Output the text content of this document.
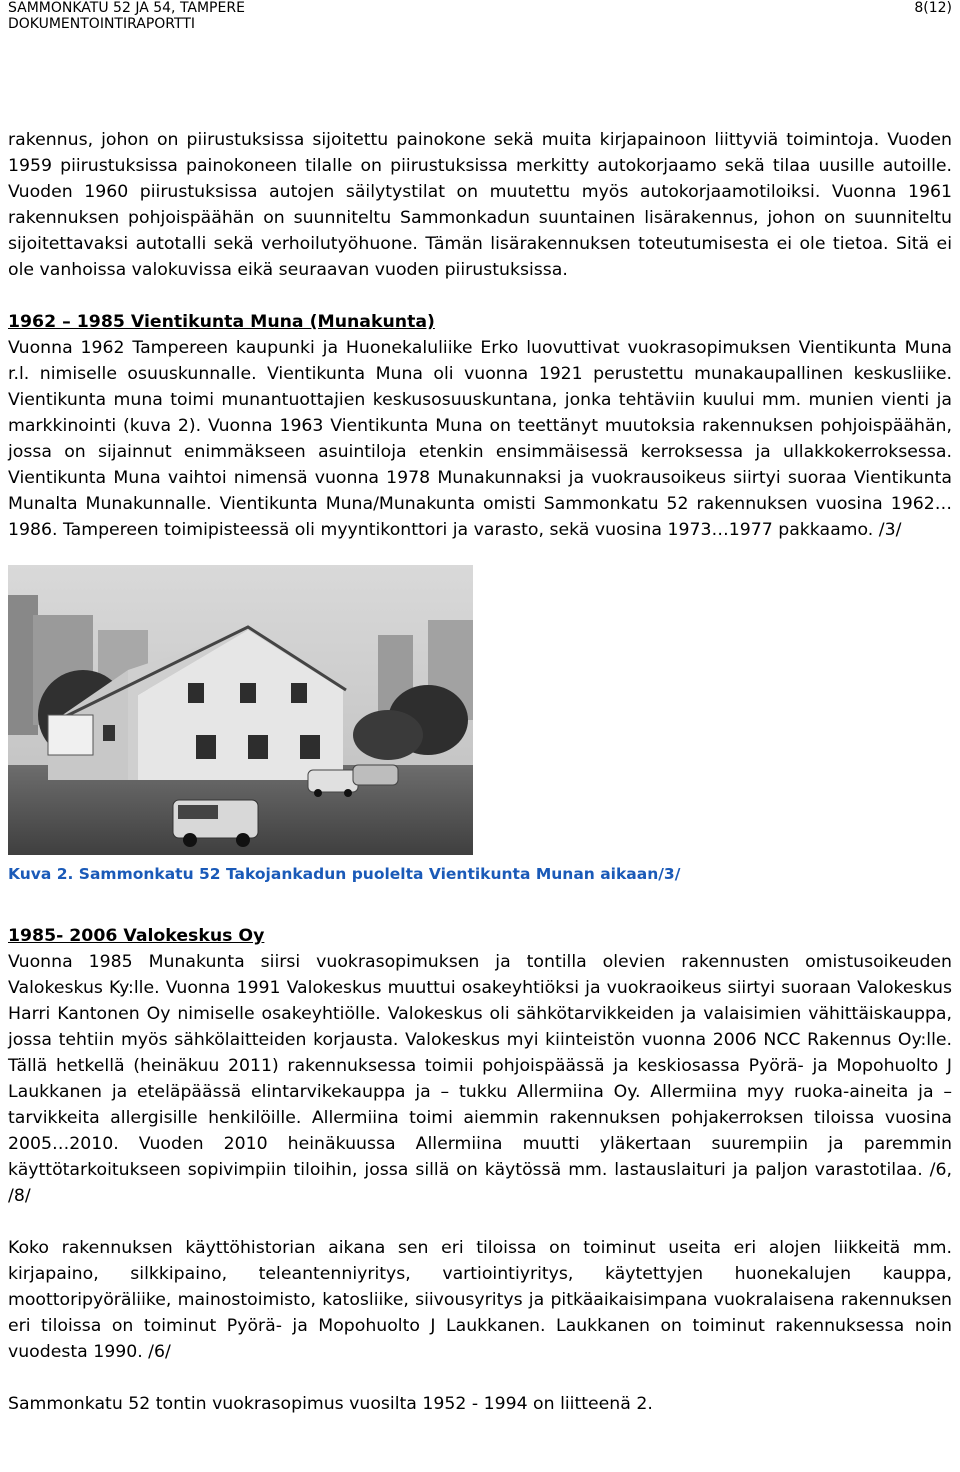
SAMMONKATU 52 JA 54, TAMPERE
DOKUMENTOINTIRAPORTTI
8(12)

rakennus, johon on piirustuksissa sijoitettu painokone sekä muita kirjapainoon liittyviä toimintoja. Vuoden 1959 piirustuksissa painokoneen tilalle on piirustuksissa merkitty autokorjaamo sekä tilaa uusille autoille. Vuoden 1960 piirustuksissa autojen säilytystilat on muutettu myös autokorjaamotiloiksi. Vuonna 1961 rakennuksen pohjoispäähän on suunniteltu Sammonkadun suuntainen lisärakennus, johon on suunniteltu sijoitettavaksi autotalli sekä verhoilutyöhuone. Tämän lisärakennuksen toteutumisesta ei ole tietoa. Sitä ei ole vanhoissa valokuvissa eikä seuraavan vuoden piirustuksissa.

1962 – 1985 Vientikunta Muna (Munakunta)

Vuonna 1962 Tampereen kaupunki ja Huonekaluliike Erko luovuttivat vuokrasopimuksen Vientikunta Muna r.l. nimiselle osuuskunnalle. Vientikunta Muna oli vuonna 1921 perustettu munakaupallinen keskusliike. Vientikunta muna toimi munantuottajien keskusosuuskuntana, jonka tehtäviin kuului mm. munien vienti ja markkinointi (kuva 2). Vuonna 1963 Vientikunta Muna on teettänyt muutoksia rakennuksen pohjoispäähän, jossa on sijainnut enimmäkseen asuintiloja etenkin ensimmäisessä kerroksessa ja ullakkokerroksessa. Vientikunta Muna vaihtoi nimensä vuonna 1978 Munakunnaksi ja vuokrausoikeus siirtyi suoraa Vientikunta Munalta Munakunnalle. Vientikunta Muna/Munakunta omisti Sammonkatu 52 rakennuksen vuosina 1962…1986. Tampereen toimipisteessä oli myyntikonttori ja varasto, sekä vuosina 1973…1977 pakkaamo. /3/

Kuva 2. Sammonkatu 52 Takojankadun puolelta Vientikunta Munan aikaan/3/
1985- 2006 Valokeskus Oy

Vuonna 1985 Munakunta siirsi vuokrasopimuksen ja tontilla olevien rakennusten omistusoikeuden Valokeskus Ky:lle. Vuonna 1991 Valokeskus muuttui osakeyhtiöksi ja vuokraoikeus siirtyi suoraan Valokeskus Harri Kantonen Oy nimiselle osakeyhtiölle. Valokeskus oli sähkötarvikkeiden ja valaisimien vähittäiskauppa, jossa tehtiin myös sähkölaitteiden korjausta. Valokeskus myi kiinteistön vuonna 2006 NCC Rakennus Oy:lle. Tällä hetkellä (heinäkuu 2011) rakennuksessa toimii pohjoispäässä ja keskiosassa Pyörä- ja Mopohuolto J Laukkanen ja eteläpäässä elintarvikekauppa ja – tukku Allermiina Oy. Allermiina myy ruoka-aineita ja – tarvikkeita allergisille henkilöille. Allermiina toimi aiemmin rakennuksen pohjakerroksen tiloissa vuosina 2005…2010. Vuoden 2010 heinäkuussa Allermiina muutti yläkertaan suurempiin ja paremmin käyttötarkoitukseen sopivimpiin tiloihin, jossa sillä on käytössä mm. lastauslaituri ja paljon varastotilaa. /6, /8/

Koko rakennuksen käyttöhistorian aikana sen eri tiloissa on toiminut useita eri alojen liikkeitä mm. kirjapaino, silkkipaino, teleantenniyritys, vartiointiyritys, käytettyjen huonekalujen kauppa, moottoripyöräliike, mainostoimisto, katosliike, siivousyritys ja pitkäaikaisimpana vuokralaisena rakennuksen eri tiloissa on toiminut Pyörä- ja Mopohuolto J Laukkanen. Laukkanen on toiminut rakennuksessa noin vuodesta 1990. /6/

Sammonkatu 52 tontin vuokrasopimus vuosilta 1952 - 1994 on liitteenä 2.
